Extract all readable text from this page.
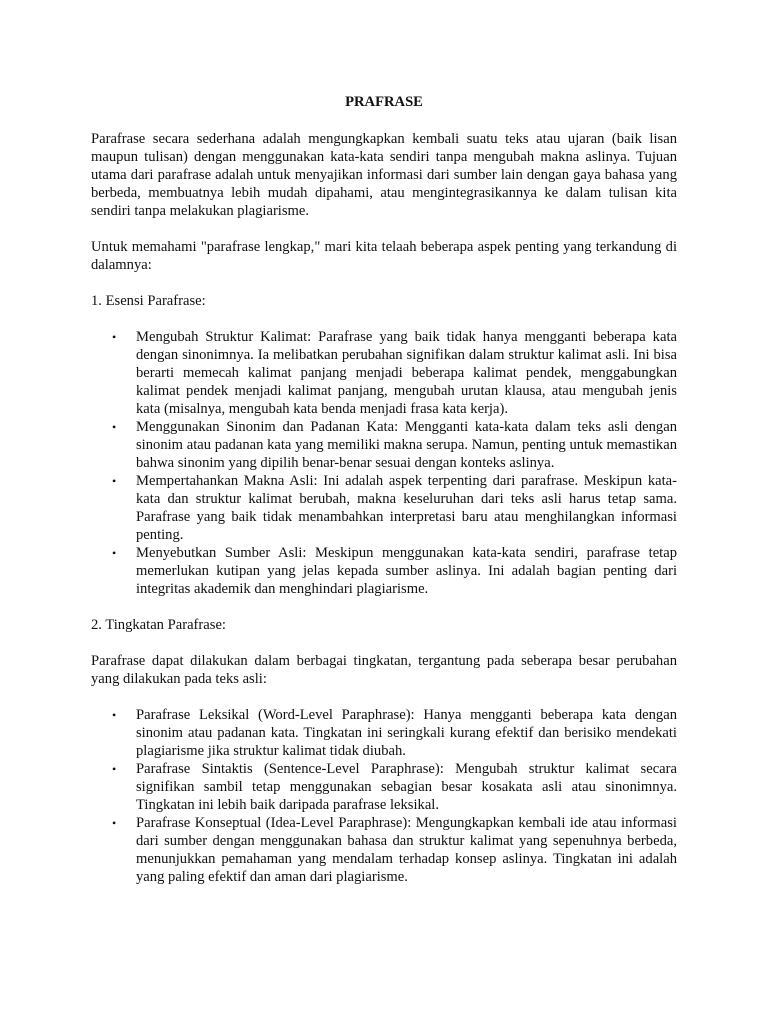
PRAFRASE

Parafrase secara sederhana adalah mengungkapkan kembali suatu teks atau ujaran (baik lisan maupun tulisan) dengan menggunakan kata-kata sendiri tanpa mengubah makna aslinya. Tujuan utama dari parafrase adalah untuk menyajikan informasi dari sumber lain dengan gaya bahasa yang berbeda, membuatnya lebih mudah dipahami, atau mengintegrasikannya ke dalam tulisan kita sendiri tanpa melakukan plagiarisme.

Untuk memahami "parafrase lengkap," mari kita telaah beberapa aspek penting yang terkandung di dalamnya:

1. Esensi Parafrase:
• Mengubah Struktur Kalimat: Parafrase yang baik tidak hanya mengganti beberapa kata dengan sinonimnya. Ia melibatkan perubahan signifikan dalam struktur kalimat asli. Ini bisa berarti memecah kalimat panjang menjadi beberapa kalimat pendek, menggabungkan kalimat pendek menjadi kalimat panjang, mengubah urutan klausa, atau mengubah jenis kata (misalnya, mengubah kata benda menjadi frasa kata kerja).
• Menggunakan Sinonim dan Padanan Kata: Mengganti kata-kata dalam teks asli dengan sinonim atau padanan kata yang memiliki makna serupa. Namun, penting untuk memastikan bahwa sinonim yang dipilih benar-benar sesuai dengan konteks aslinya.
• Mempertahankan Makna Asli: Ini adalah aspek terpenting dari parafrase. Meskipun kata-kata dan struktur kalimat berubah, makna keseluruhan dari teks asli harus tetap sama. Parafrase yang baik tidak menambahkan interpretasi baru atau menghilangkan informasi penting.
• Menyebutkan Sumber Asli: Meskipun menggunakan kata-kata sendiri, parafrase tetap memerlukan kutipan yang jelas kepada sumber aslinya. Ini adalah bagian penting dari integritas akademik dan menghindari plagiarisme.
2. Tingkatan Parafrase:

Parafrase dapat dilakukan dalam berbagai tingkatan, tergantung pada seberapa besar perubahan yang dilakukan pada teks asli:

• Parafrase Leksikal (Word-Level Paraphrase): Hanya mengganti beberapa kata dengan sinonim atau padanan kata. Tingkatan ini seringkali kurang efektif dan berisiko mendekati plagiarisme jika struktur kalimat tidak diubah.
• Parafrase Sintaktis (Sentence-Level Paraphrase): Mengubah struktur kalimat secara signifikan sambil tetap menggunakan sebagian besar kosakata asli atau sinonimnya. Tingkatan ini lebih baik daripada parafrase leksikal.
• Parafrase Konseptual (Idea-Level Paraphrase): Mengungkapkan kembali ide atau informasi dari sumber dengan menggunakan bahasa dan struktur kalimat yang sepenuhnya berbeda, menunjukkan pemahaman yang mendalam terhadap konsep aslinya. Tingkatan ini adalah yang paling efektif dan aman dari plagiarisme.
